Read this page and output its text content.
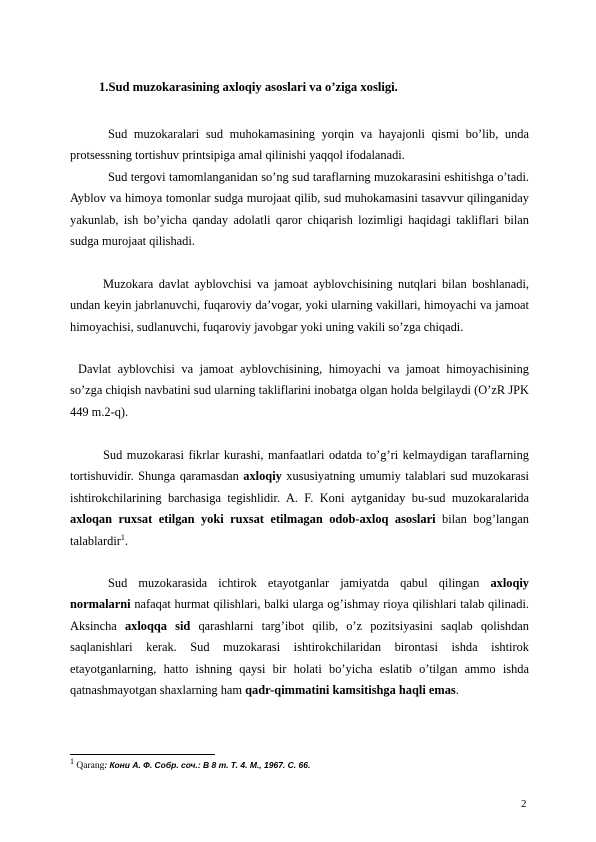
1.Sud muzokarasining axloqiy asoslari va o’ziga xosligi.

Sud muzokaralari sud muhokamasining yorqin va hayajonli qismi bo’lib, unda protsessning tortishuv printsipiga amal qilinishi yaqqol ifodalanadi.

Sud tergovi tamomlanganidan so’ng sud taraflarning muzokarasini eshitishga o’tadi. Ayblov va himoya tomonlar sudga murojaat qilib, sud muhokamasini tasavvur qilinganiday yakunlab, ish bo’yicha qanday adolatli qaror chiqarish lozimligi haqidagi takliflari bilan sudga murojaat qilishadi.

Muzokara davlat ayblovchisi va jamoat ayblovchisining nutqlari bilan boshlanadi, undan keyin jabrlanuvchi, fuqaroviy da’vogar, yoki ularning vakillari, himoyachi va jamoat himoyachisi, sudlanuvchi, fuqaroviy javobgar yoki uning vakili so’zga chiqadi.

Davlat ayblovchisi va jamoat ayblovchisining, himoyachi va jamoat himoyachisining so’zga chiqish navbatini sud ularning takliflarini inobatga olgan holda belgilaydi (O’zR JPK 449 m.2-q).

Sud muzokarasi fikrlar kurashi, manfaatlari odatda to’g’ri kelmaydigan taraflarning tortishuvidir. Shunga qaramasdan axloqiy xususiyatning umumiy talablari sud muzokarasi ishtirokchilarining barchasiga tegishlidir. A. F. Koni aytganiday bu-sud muzokaralarida axloqan ruxsat etilgan yoki ruxsat etilmagan odob-axloq asoslari bilan bog’langan talablardir$^1$.

Sud muzokarasida ichtirok etayotganlar jamiyatda qabul qilingan axloqiy normalarni nafaqat hurmat qilishlari, balki ularga og’ishmay rioya qilishlari talab qilinadi. Aksincha axloqqa sid qarashlarni targ’ibot qilib, o’z pozitsiyasini saqlab qolishdan saqlanishlari kerak. Sud muzokarasi ishtirokchilaridan birontasi ishda ishtirok etayotganlarning, hatto ishning qaysi bir holati bo’yicha eslatib o’tilgan ammo ishda qatnashmayotgan shaxlarning ham qadr-qimmatini kamsitishga haqli emas.

$^1$ Qarang: Кони А. Ф. Собр. соч.: В 8 т. Т. 4. М., 1967. С. 66.
2
